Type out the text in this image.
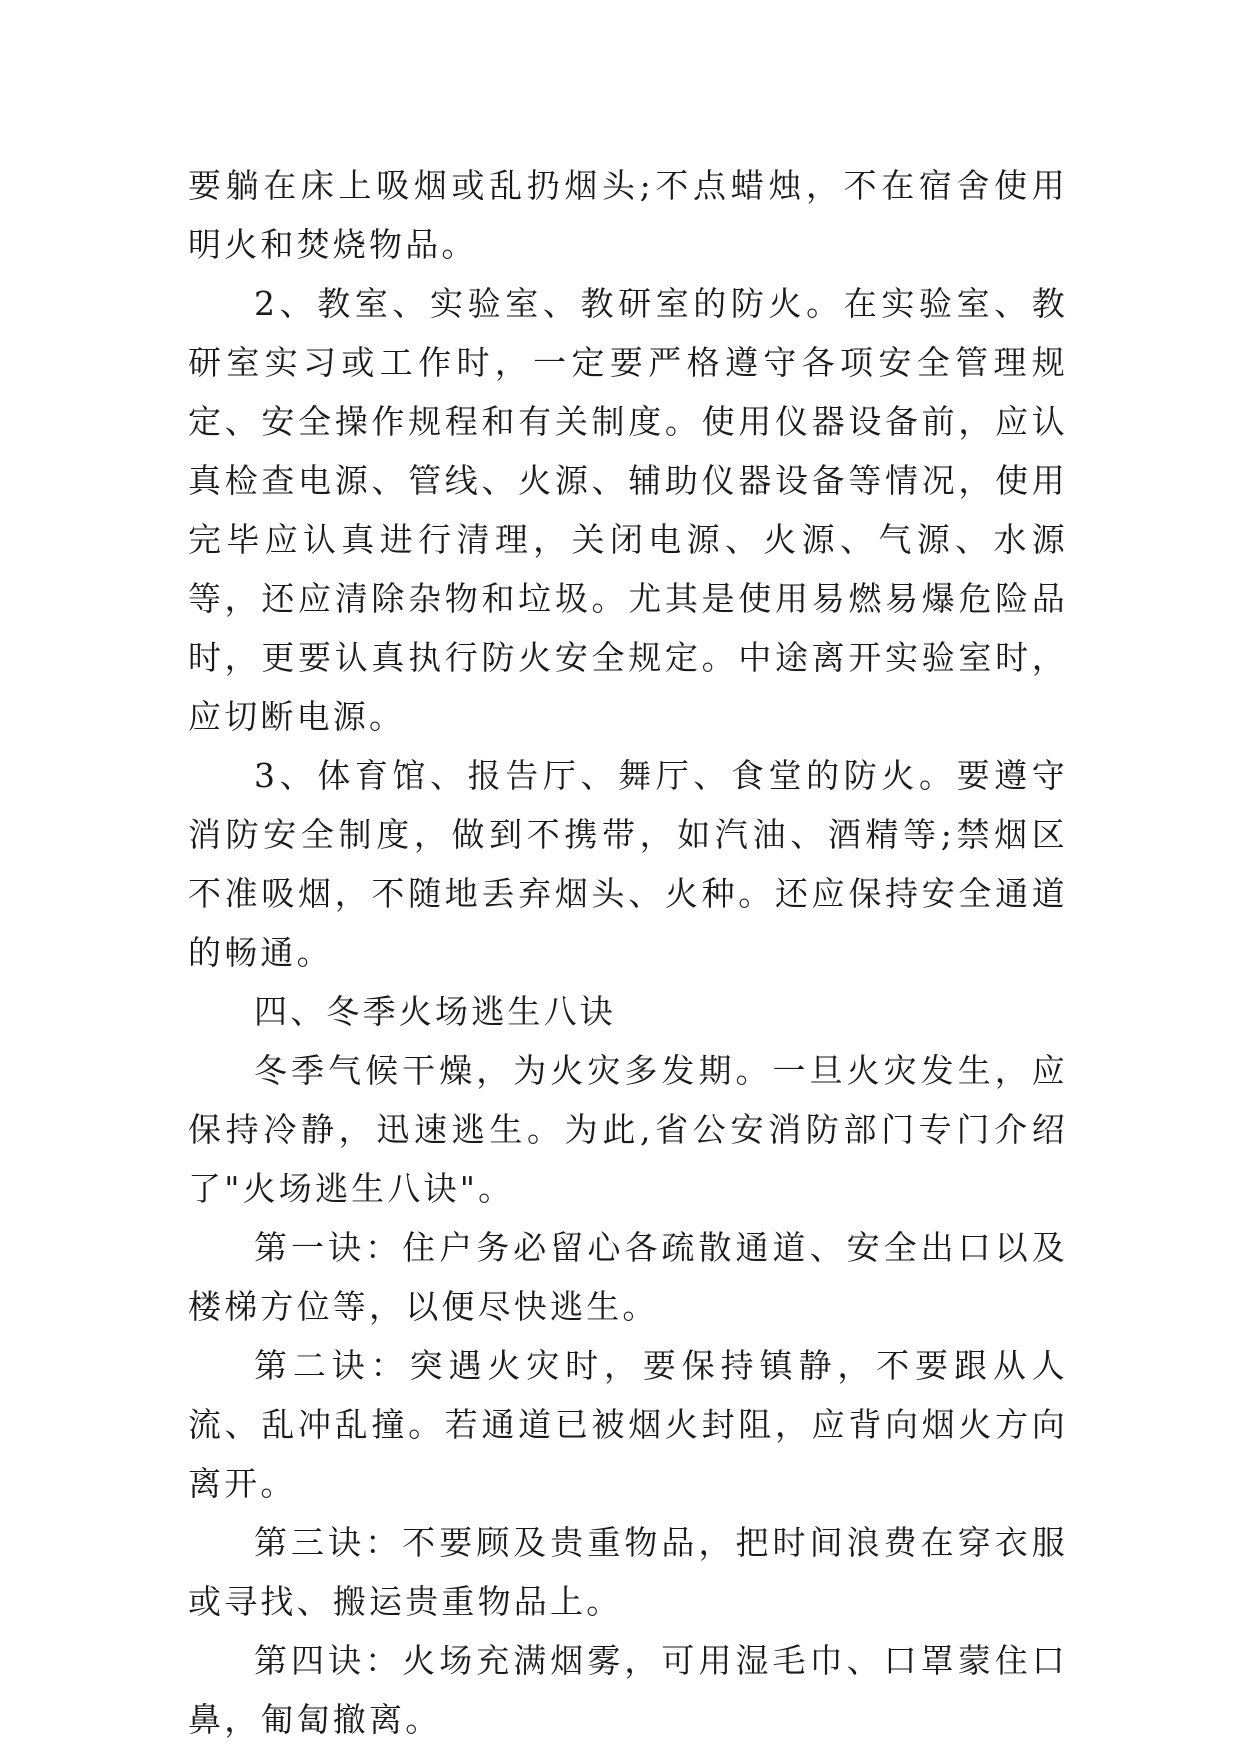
要躺在床上吸烟或乱扔烟头;不点蜡烛，不在宿舍使用明火和焚烧物品。

2、教室、实验室、教研室的防火。在实验室、教研室实习或工作时，一定要严格遵守各项安全管理规定、安全操作规程和有关制度。使用仪器设备前，应认真检查电源、管线、火源、辅助仪器设备等情况，使用完毕应认真进行清理，关闭电源、火源、气源、水源等，还应清除杂物和垃圾。尤其是使用易燃易爆危险品时，更要认真执行防火安全规定。中途离开实验室时，应切断电源。

3、体育馆、报告厅、舞厅、食堂的防火。要遵守消防安全制度，做到不携带，如汽油、酒精等;禁烟区不准吸烟，不随地丢弃烟头、火种。还应保持安全通道的畅通。

四、冬季火场逃生八诀

冬季气候干燥，为火灾多发期。一旦火灾发生，应保持冷静，迅速逃生。为此,省公安消防部门专门介绍了"火场逃生八诀"。

第一诀：住户务必留心各疏散通道、安全出口以及楼梯方位等，以便尽快逃生。

第二诀：突遇火灾时，要保持镇静，不要跟从人流、乱冲乱撞。若通道已被烟火封阻，应背向烟火方向离开。

第三诀：不要顾及贵重物品，把时间浪费在穿衣服或寻找、搬运贵重物品上。

第四诀：火场充满烟雾，可用湿毛巾、口罩蒙住口鼻，匍匐撤离。
